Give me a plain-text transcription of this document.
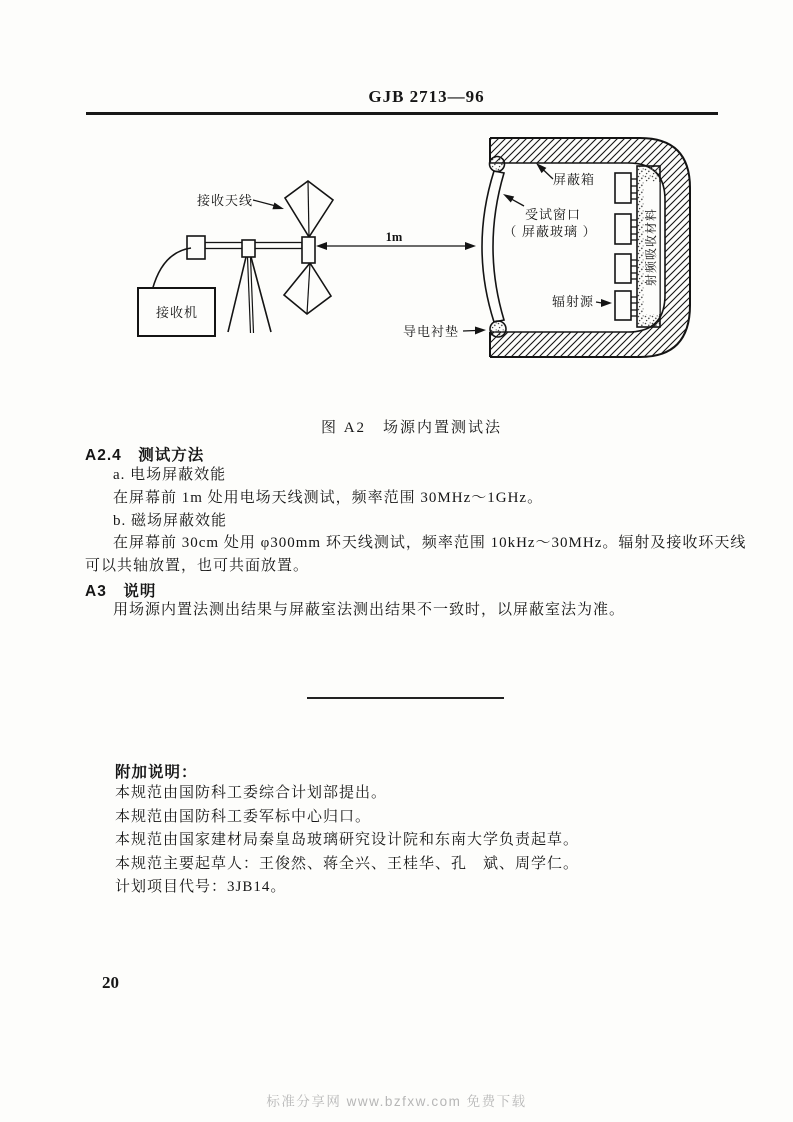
GJB 2713—96
射频吸收材料
接收机
1m
接收天线
屏蔽箱
受试窗口
（ 屏蔽玻璃 ）
辐射源
导电衬垫
图 A2　场源内置测试法
A2.4　测试方法
a. 电场屏蔽效能
在屏幕前 1m 处用电场天线测试，频率范围 30MHz～1GHz。
b. 磁场屏蔽效能
在屏幕前 30cm 处用 φ300mm 环天线测试，频率范围 10kHz～30MHz。辐射及接收环天线
可以共轴放置，也可共面放置。
A3　说明
用场源内置法测出结果与屏蔽室法测出结果不一致时，以屏蔽室法为准。
附加说明：
本规范由国防科工委综合计划部提出。
本规范由国防科工委军标中心归口。
本规范由国家建材局秦皇岛玻璃研究设计院和东南大学负责起草。
本规范主要起草人：王俊然、蒋全兴、王桂华、孔　斌、周学仁。
计划项目代号：3JB14。
20
标准分享网 www.bzfxw.com 免费下载
